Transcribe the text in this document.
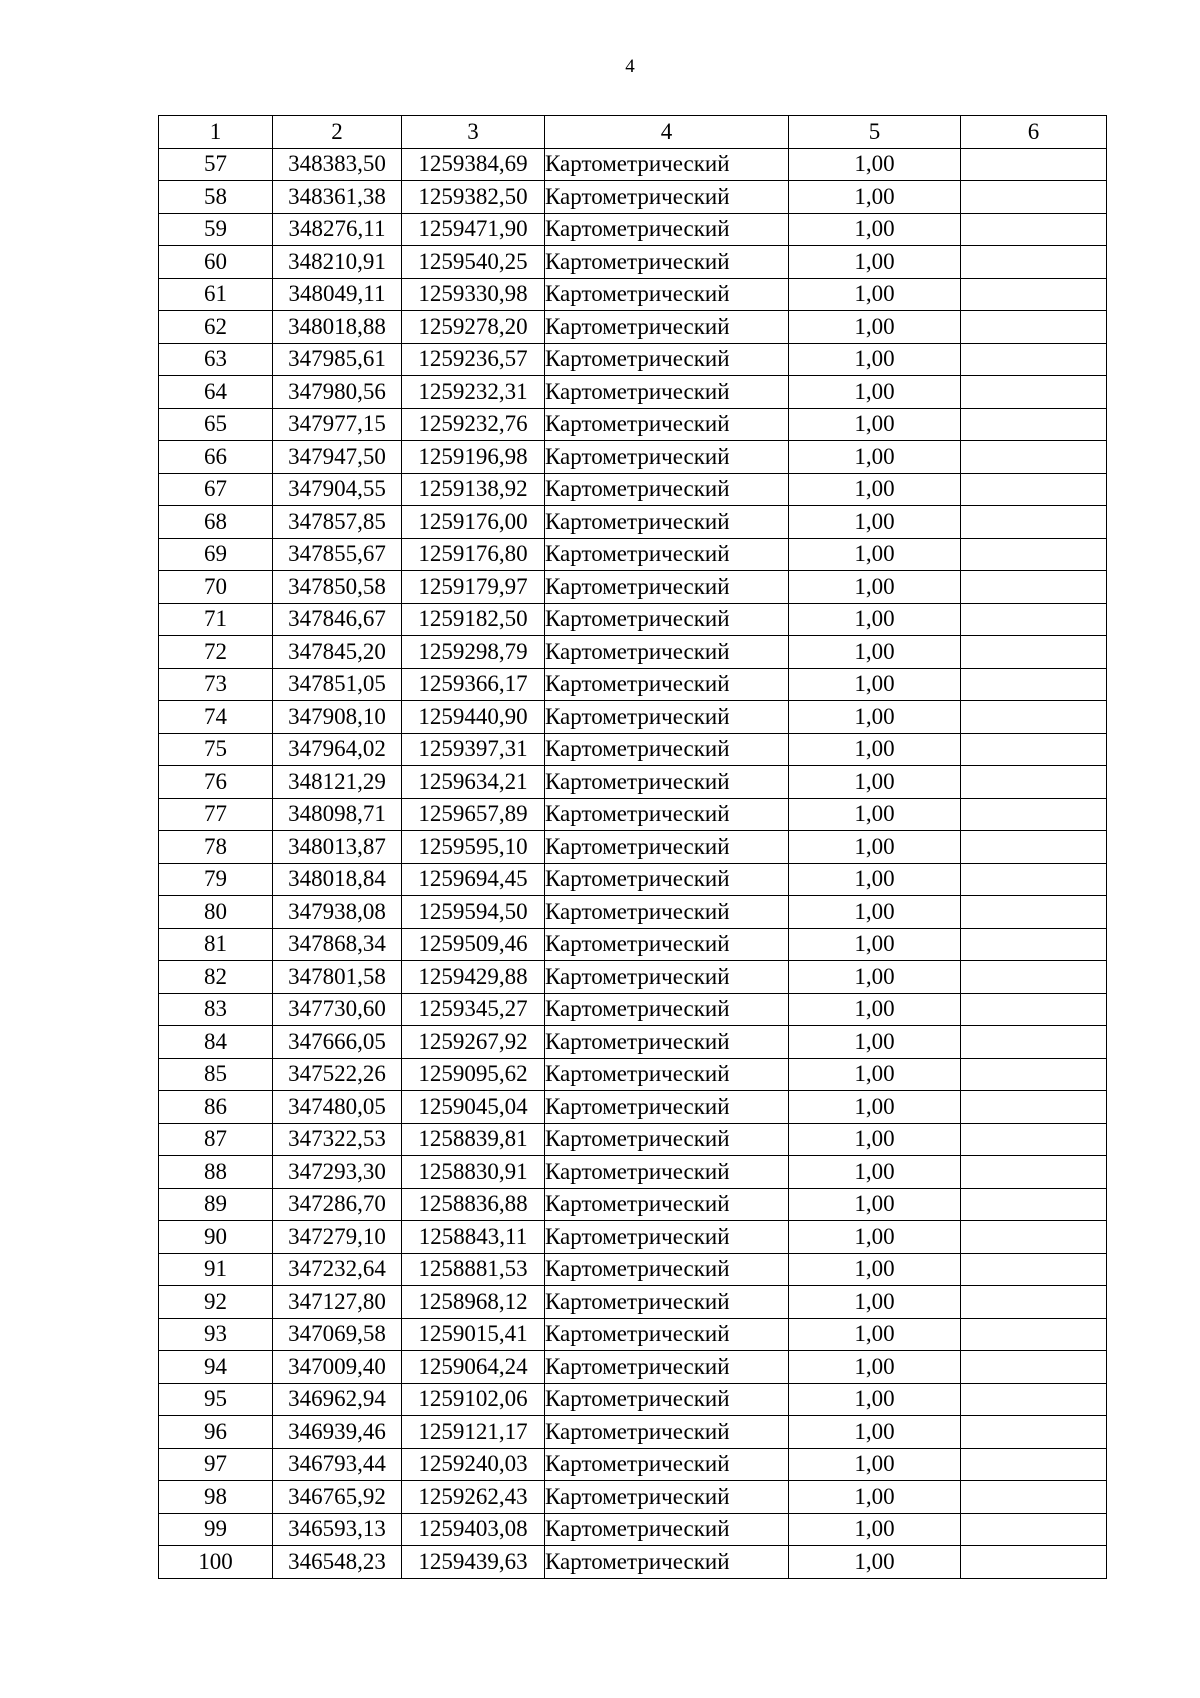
4
1	2	3	4	5	6
57	348383,50	1259384,69	Картометрический	1,00	
58	348361,38	1259382,50	Картометрический	1,00	
59	348276,11	1259471,90	Картометрический	1,00	
60	348210,91	1259540,25	Картометрический	1,00	
61	348049,11	1259330,98	Картометрический	1,00	
62	348018,88	1259278,20	Картометрический	1,00	
63	347985,61	1259236,57	Картометрический	1,00	
64	347980,56	1259232,31	Картометрический	1,00	
65	347977,15	1259232,76	Картометрический	1,00	
66	347947,50	1259196,98	Картометрический	1,00	
67	347904,55	1259138,92	Картометрический	1,00	
68	347857,85	1259176,00	Картометрический	1,00	
69	347855,67	1259176,80	Картометрический	1,00	
70	347850,58	1259179,97	Картометрический	1,00	
71	347846,67	1259182,50	Картометрический	1,00	
72	347845,20	1259298,79	Картометрический	1,00	
73	347851,05	1259366,17	Картометрический	1,00	
74	347908,10	1259440,90	Картометрический	1,00	
75	347964,02	1259397,31	Картометрический	1,00	
76	348121,29	1259634,21	Картометрический	1,00	
77	348098,71	1259657,89	Картометрический	1,00	
78	348013,87	1259595,10	Картометрический	1,00	
79	348018,84	1259694,45	Картометрический	1,00	
80	347938,08	1259594,50	Картометрический	1,00	
81	347868,34	1259509,46	Картометрический	1,00	
82	347801,58	1259429,88	Картометрический	1,00	
83	347730,60	1259345,27	Картометрический	1,00	
84	347666,05	1259267,92	Картометрический	1,00	
85	347522,26	1259095,62	Картометрический	1,00	
86	347480,05	1259045,04	Картометрический	1,00	
87	347322,53	1258839,81	Картометрический	1,00	
88	347293,30	1258830,91	Картометрический	1,00	
89	347286,70	1258836,88	Картометрический	1,00	
90	347279,10	1258843,11	Картометрический	1,00	
91	347232,64	1258881,53	Картометрический	1,00	
92	347127,80	1258968,12	Картометрический	1,00	
93	347069,58	1259015,41	Картометрический	1,00	
94	347009,40	1259064,24	Картометрический	1,00	
95	346962,94	1259102,06	Картометрический	1,00	
96	346939,46	1259121,17	Картометрический	1,00	
97	346793,44	1259240,03	Картометрический	1,00	
98	346765,92	1259262,43	Картометрический	1,00	
99	346593,13	1259403,08	Картометрический	1,00	
100	346548,23	1259439,63	Картометрический	1,00	
